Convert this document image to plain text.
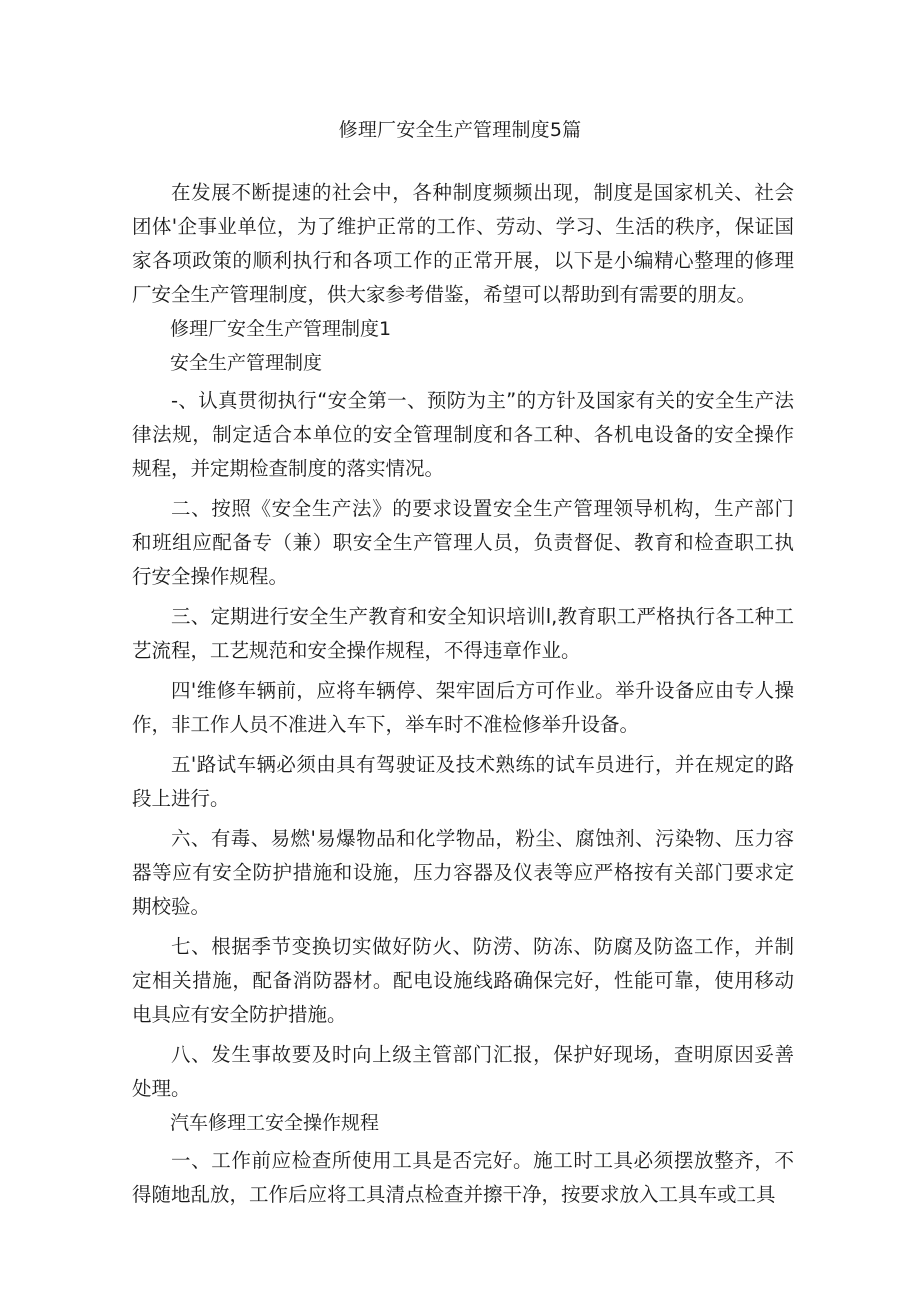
修理厂安全生产管理制度5篇

在发展不断提速的社会中，各种制度频频出现，制度是国家机关、社会团体'企事业单位，为了维护正常的工作、劳动、学习、生活的秩序，保证国家各项政策的顺利执行和各项工作的正常开展，以下是小编精心整理的修理厂安全生产管理制度，供大家参考借鉴，希望可以帮助到有需要的朋友。

修理厂安全生产管理制度1

安全生产管理制度

-、认真贯彻执行“安全第一、预防为主”的方针及国家有关的安全生产法律法规，制定适合本单位的安全管理制度和各工种、各机电设备的安全操作规程，并定期检查制度的落实情况。

二、按照《安全生产法》的要求设置安全生产管理领导机构，生产部门和班组应配备专（兼）职安全生产管理人员，负责督促、教育和检查职工执行安全操作规程。

三、定期进行安全生产教育和安全知识培训l,教育职工严格执行各工种工艺流程，工艺规范和安全操作规程，不得违章作业。

四'维修车辆前，应将车辆停、架牢固后方可作业。举升设备应由专人操作，非工作人员不准进入车下，举车时不准检修举升设备。

五'路试车辆必须由具有驾驶证及技术熟练的试车员进行，并在规定的路段上进行。

六、有毒、易燃'易爆物品和化学物品，粉尘、腐蚀剂、污染物、压力容器等应有安全防护措施和设施，压力容器及仪表等应严格按有关部门要求定期校验。

七、根据季节变换切实做好防火、防涝、防冻、防腐及防盗工作，并制定相关措施，配备消防器材。配电设施线路确保完好，性能可靠，使用移动电具应有安全防护措施。

八、发生事故要及时向上级主管部门汇报，保护好现场，查明原因妥善处理。

汽车修理工安全操作规程

一、工作前应检查所使用工具是否完好。施工时工具必须摆放整齐，不得随地乱放，工作后应将工具清点检查并擦干净，按要求放入工具车或工具
